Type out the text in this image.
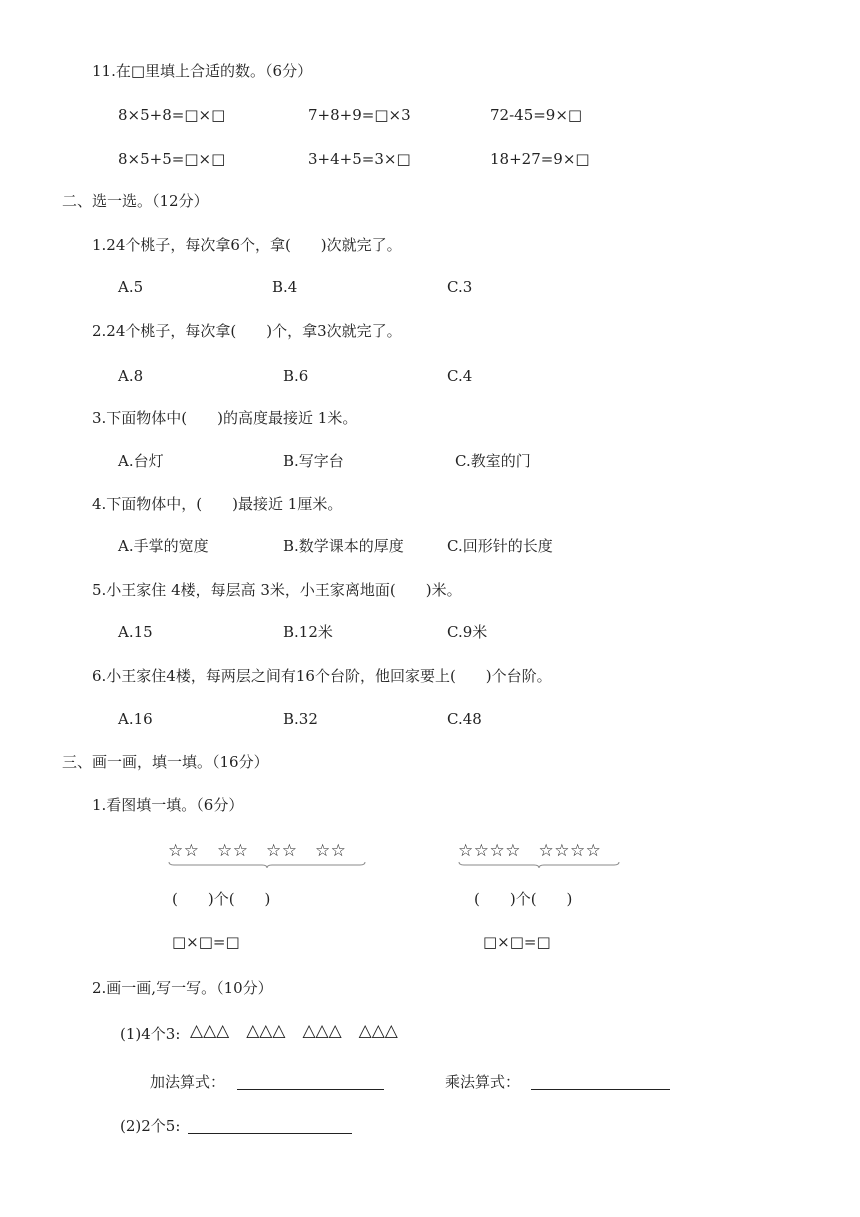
11.在□里填上合适的数。（6分）
8×5+8=□×□	7+8+9=□×3	72-45=9×□
8×5+5=□×□	3+4+5=3×□	18+27=9×□
二、选一选。（12分）
1.24个桃子，每次拿6个，拿(　　)次就完了。
A.5	B.4	C.3
2.24个桃子，每次拿(　　)个，拿3次就完了。
A.8	B.6	C.4
3.下面物体中(　　)的高度最接近 1米。
A.台灯	B.写字台	C.教室的门
4.下面物体中，(　　)最接近 1厘米。
A.手掌的宽度	B.数学课本的厚度	C.回形针的长度
5.小王家住 4楼，每层高 3米，小王家离地面(　　)米。
A.15	B.12米	C.9米
6.小王家住4楼，每两层之间有16个台阶，他回家要上(　　)个台阶。
A.16	B.32	C.48
三、画一画，填一填。（16分）
1.看图填一填。（6分）
☆☆　☆☆　☆☆　☆☆	☆☆☆☆　☆☆☆☆
(　　)个(　　)	(　　)个(　　)
□×□=□	□×□=□
2.画一画,写一写。（10分）
(1)4个3: △△△　△△△　△△△　△△△
加法算式：	乘法算式：
(2)2个5:
